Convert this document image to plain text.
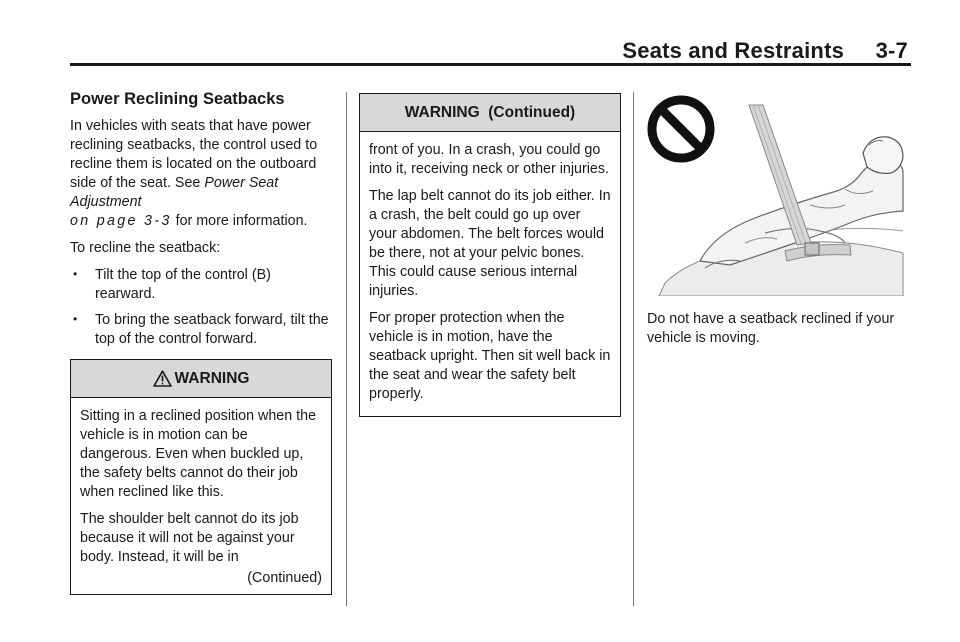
Seats and Restraints     3-7
Power Reclining Seatbacks

In vehicles with seats that have power reclining seatbacks, the control used to recline them is located on the outboard side of the seat. See Power Seat Adjustment
on page 3-3 for more information.

To recline the seatback:

• Tilt the top of the control (B) rearward.
• To bring the seatback forward, tilt the top of the control forward.
WARNING

Sitting in a reclined position when the vehicle is in motion can be dangerous. Even when buckled up, the safety belts cannot do their job when reclined like this.

The shoulder belt cannot do its job because it will not be against your body. Instead, it will be in

(Continued)
WARNING  (Continued)

front of you. In a crash, you could go into it, receiving neck or other injuries.

The lap belt cannot do its job either. In a crash, the belt could go up over your abdomen. The belt forces would be there, not at your pelvic bones. This could cause serious internal injuries.

For proper protection when the vehicle is in motion, have the seatback upright. Then sit well back in the seat and wear the safety belt properly.

Do not have a seatback reclined if your vehicle is moving.
